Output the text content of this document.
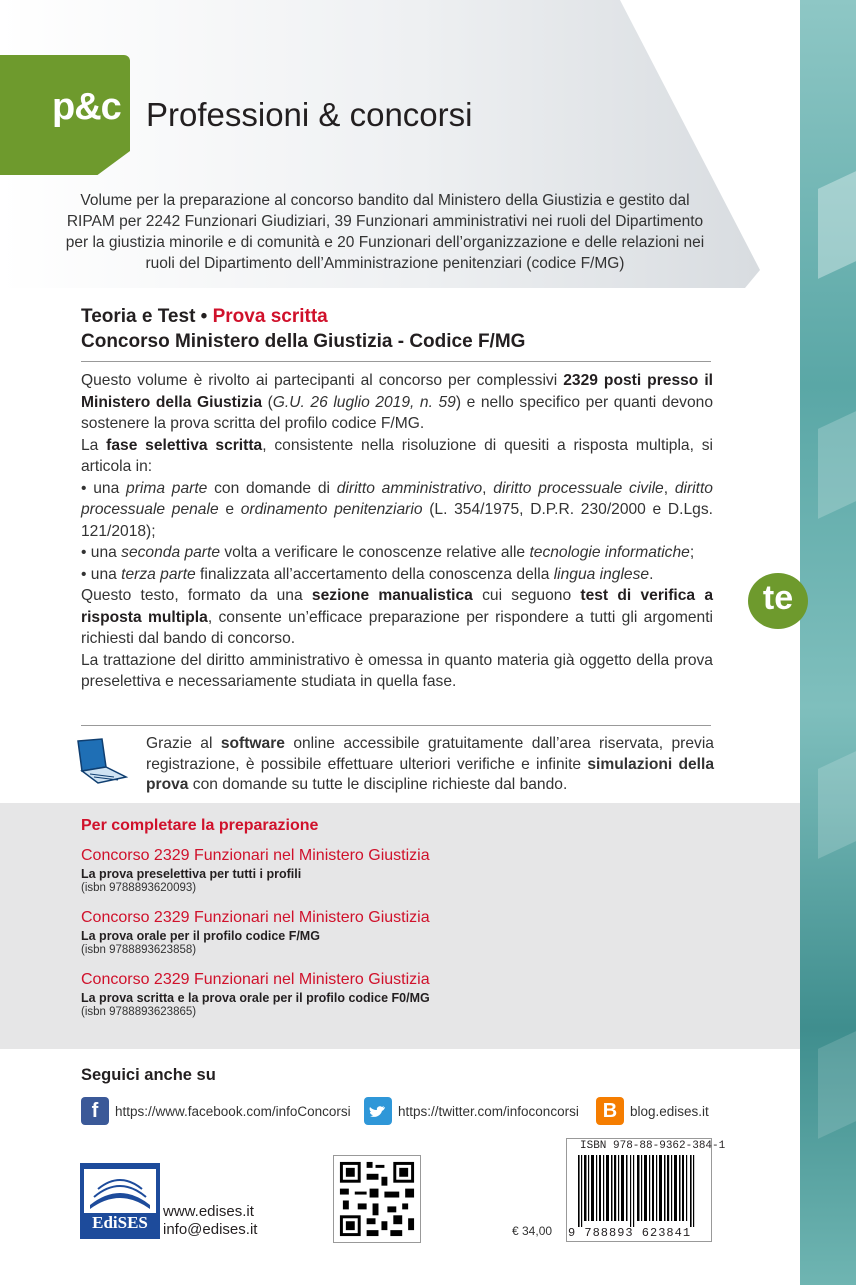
p&c Professioni & concorsi
Volume per la preparazione al concorso bandito dal Ministero della Giustizia e gestito dal
RIPAM per 2242 Funzionari Giudiziari, 39 Funzionari amministrativi nei ruoli del Dipartimento
per la giustizia minorile e di comunità e 20 Funzionari dell’organizzazione e delle relazioni nei
ruoli del Dipartimento dell’Amministrazione penitenziari (codice F/MG)
Teoria e Test • Prova scritta
Concorso Ministero della Giustizia - Codice F/MG

Questo volume è rivolto ai partecipanti al concorso per complessivi 2329 posti presso il Ministero della Giustizia (G.U. 26 luglio 2019, n. 59) e nello specifico per quanti devono sostenere la prova scritta del profilo codice F/MG.

La fase selettiva scritta, consistente nella risoluzione di quesiti a risposta multipla, si articola in:

• una prima parte con domande di diritto amministrativo, diritto processuale civile, diritto processuale penale e ordinamento penitenziario (L. 354/1975, D.P.R. 230/2000 e D.Lgs. 121/2018);

• una seconda parte volta a verificare le conoscenze relative alle tecnologie informatiche;

• una terza parte finalizzata all’accertamento della conoscenza della lingua inglese.

Questo testo, formato da una sezione manualistica cui seguono test di verifica a risposta multipla, consente un’efficace preparazione per rispondere a tutti gli argomenti richiesti dal bando di concorso.

La trattazione del diritto amministrativo è omessa in quanto materia già oggetto della prova preselettiva e necessariamente studiata in quella fase.

Grazie al software online accessibile gratuitamente dall’area riservata, previa registrazione, è possibile effettuare ulteriori verifiche e infinite simulazioni della prova con domande su tutte le discipline richieste dal bando.
te
Per completare la preparazione
Concorso 2329 Funzionari nel Ministero Giustizia
La prova preselettiva per tutti i profili
(isbn 9788893620093)
Concorso 2329 Funzionari nel Ministero Giustizia
La prova orale per il profilo codice F/MG
(isbn 9788893623858)
Concorso 2329 Funzionari nel Ministero Giustizia
La prova scritta e la prova orale per il profilo codice F0/MG
(isbn 9788893623865)
Seguici anche su
f	https://www.facebook.com/infoConcorsi	https://twitter.com/infoconcorsi	B blog.edises.it
EdiSES
www.edises.it
info@edises.it
ISBN 978-88-9362-384-1
€ 34,00 9 788893 623841
